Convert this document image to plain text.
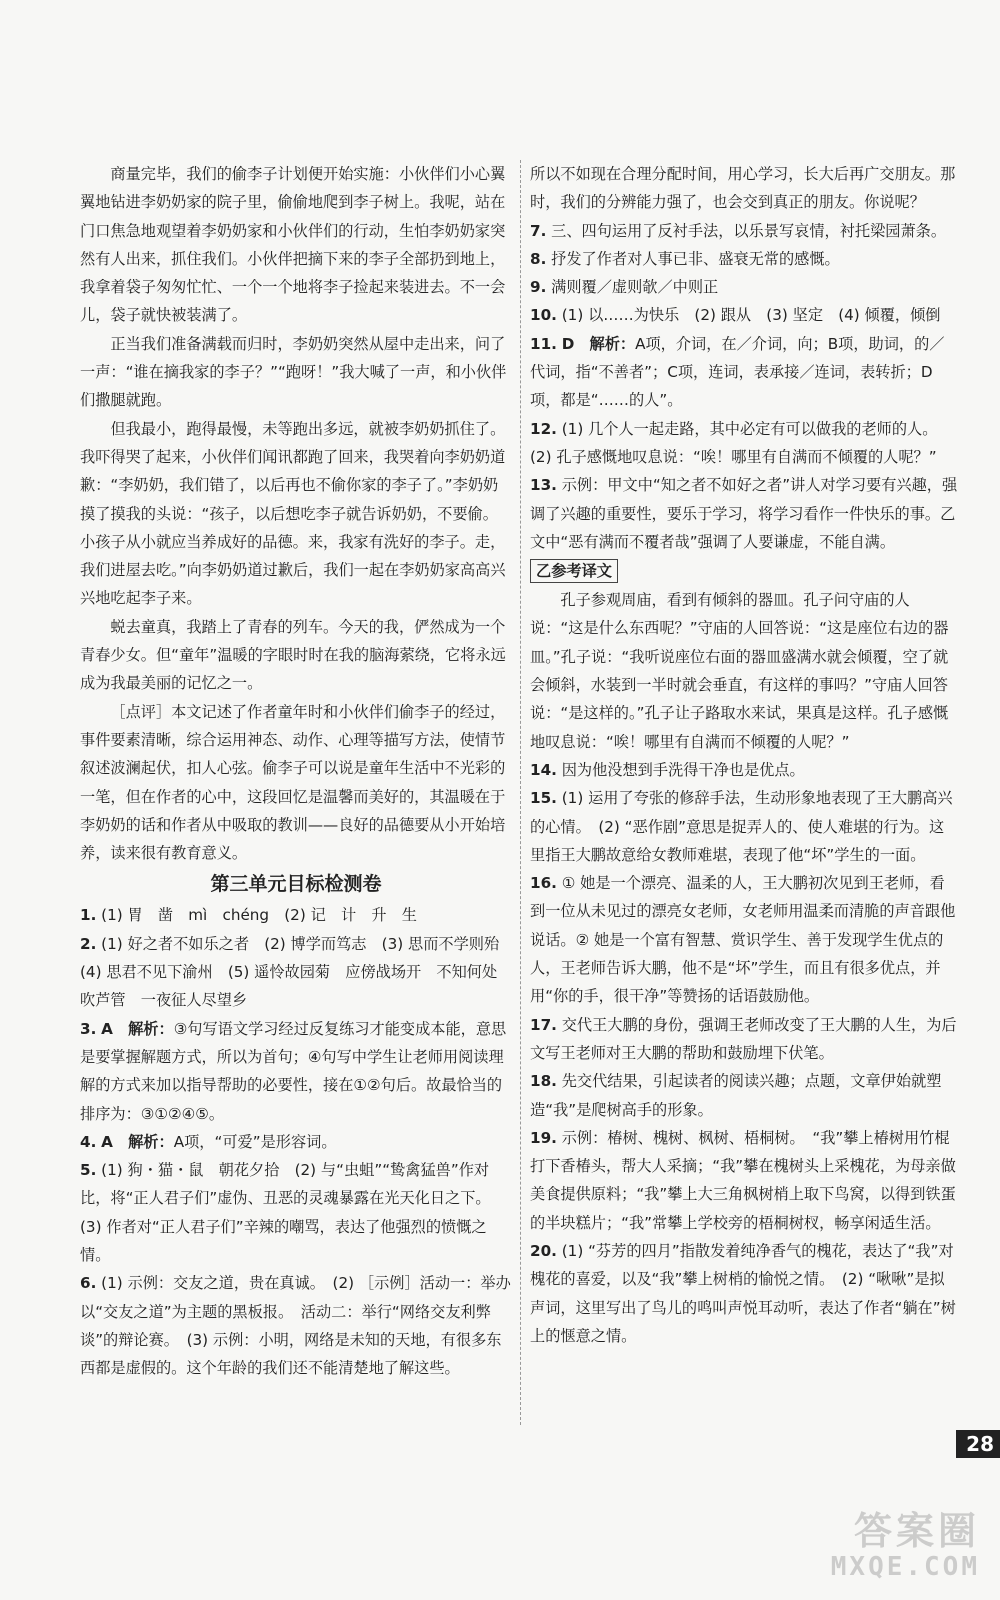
商量完毕，我们的偷李子计划便开始实施：小伙伴们小心翼翼地钻进李奶奶家的院子里，偷偷地爬到李子树上。我呢，站在门口焦急地观望着李奶奶家和小伙伴们的行动，生怕李奶奶家突然有人出来，抓住我们。小伙伴把摘下来的李子全部扔到地上，我拿着袋子匆匆忙忙、一个一个地将李子捡起来装进去。不一会儿，袋子就快被装满了。

正当我们准备满载而归时，李奶奶突然从屋中走出来，问了一声：“谁在摘我家的李子？”“跑呀！”我大喊了一声，和小伙伴们撒腿就跑。

但我最小，跑得最慢，未等跑出多远，就被李奶奶抓住了。我吓得哭了起来，小伙伴们闻讯都跑了回来，我哭着向李奶奶道歉：“李奶奶，我们错了，以后再也不偷你家的李子了。”李奶奶摸了摸我的头说：“孩子，以后想吃李子就告诉奶奶，不要偷。小孩子从小就应当养成好的品德。来，我家有洗好的李子。走，我们进屋去吃。”向李奶奶道过歉后，我们一起在李奶奶家高高兴兴地吃起李子来。

蜕去童真，我踏上了青春的列车。今天的我，俨然成为一个青春少女。但“童年”温暖的字眼时时在我的脑海萦绕，它将永远成为我最美丽的记忆之一。

［点评］本文记述了作者童年时和小伙伴们偷李子的经过，事件要素清晰，综合运用神态、动作、心理等描写方法，使情节叙述波澜起伏，扣人心弦。偷李子可以说是童年生活中不光彩的一笔，但在作者的心中，这段回忆是温馨而美好的，其温暖在于李奶奶的话和作者从中吸取的教训——良好的品德要从小开始培养，读来很有教育意义。

第三单元目标检测卷

1. (1) 胃　凿　mì　chéng　(2) 记　计　升　生

2. (1) 好之者不如乐之者　(2) 博学而笃志　(3) 思而不学则殆　(4) 思君不见下渝州　(5) 遥怜故园菊　应傍战场开　不知何处吹芦管　一夜征人尽望乡

3. A　解析：③句写语文学习经过反复练习才能变成本能，意思是要掌握解题方式，所以为首句；④句写中学生让老师用阅读理解的方式来加以指导帮助的必要性，接在①②句后。故最恰当的排序为：③①②④⑤。

4. A　解析：A项，“可爱”是形容词。

5. (1) 狗・猫・鼠　朝花夕拾　(2) 与“虫蛆”“鸷禽猛兽”作对比，将“正人君子们”虚伪、丑恶的灵魂暴露在光天化日之下。　(3) 作者对“正人君子们”辛辣的嘲骂，表达了他强烈的愤慨之情。

6. (1) 示例：交友之道，贵在真诚。　(2) ［示例］活动一：举办以“交友之道”为主题的黑板报。　活动二：举行“网络交友利弊谈”的辩论赛。　(3) 示例：小明，网络是未知的天地，有很多东西都是虚假的。这个年龄的我们还不能清楚地了解这些。

所以不如现在合理分配时间，用心学习，长大后再广交朋友。那时，我们的分辨能力强了，也会交到真正的朋友。你说呢？

7. 三、四句运用了反衬手法，以乐景写哀情，衬托梁园萧条。

8. 抒发了作者对人事已非、盛衰无常的感慨。

9. 满则覆／虚则欹／中则正

10. (1) 以……为快乐　(2) 跟从　(3) 坚定　(4) 倾覆，倾倒

11. D　解析：A项，介词，在／介词，向；B项，助词，的／代词，指“不善者”；C项，连词，表承接／连词，表转折；D项，都是“……的人”。

12. (1) 几个人一起走路，其中必定有可以做我的老师的人。(2) 孔子感慨地叹息说：“唉！哪里有自满而不倾覆的人呢？”

13. 示例：甲文中“知之者不如好之者”讲人对学习要有兴趣，强调了兴趣的重要性，要乐于学习，将学习看作一件快乐的事。乙文中“恶有满而不覆者哉”强调了人要谦虚，不能自满。

乙参考译文

孔子参观周庙，看到有倾斜的器皿。孔子问守庙的人说：“这是什么东西呢？”守庙的人回答说：“这是座位右边的器皿。”孔子说：“我听说座位右面的器皿盛满水就会倾覆，空了就会倾斜，水装到一半时就会垂直，有这样的事吗？”守庙人回答说：“是这样的。”孔子让子路取水来试，果真是这样。孔子感慨地叹息说：“唉！哪里有自满而不倾覆的人呢？”

14. 因为他没想到手洗得干净也是优点。

15. (1) 运用了夸张的修辞手法，生动形象地表现了王大鹏高兴的心情。　(2) “恶作剧”意思是捉弄人的、使人难堪的行为。这里指王大鹏故意给女教师难堪，表现了他“坏”学生的一面。

16. ① 她是一个漂亮、温柔的人，王大鹏初次见到王老师，看到一位从未见过的漂亮女老师，女老师用温柔而清脆的声音跟他说话。② 她是一个富有智慧、赏识学生、善于发现学生优点的人，王老师告诉大鹏，他不是“坏”学生，而且有很多优点，并用“你的手，很干净”等赞扬的话语鼓励他。

17. 交代王大鹏的身份，强调王老师改变了王大鹏的人生，为后文写王老师对王大鹏的帮助和鼓励埋下伏笔。

18. 先交代结果，引起读者的阅读兴趣；点题，文章伊始就塑造“我”是爬树高手的形象。

19. 示例：椿树、槐树、枫树、梧桐树。　“我”攀上椿树用竹棍打下香椿头，帮大人采摘；“我”攀在槐树头上采槐花，为母亲做美食提供原料；“我”攀上大三角枫树梢上取下鸟窝，以得到铁蛋的半块糕片；“我”常攀上学校旁的梧桐树杈，畅享闲适生活。

20. (1) “芬芳的四月”指散发着纯净香气的槐花，表达了“我”对槐花的喜爱，以及“我”攀上树梢的愉悦之情。　(2) “啾啾”是拟声词，这里写出了鸟儿的鸣叫声悦耳动听，表达了作者“躺在”树上的惬意之情。

28
答案圈
MXQE.COM
